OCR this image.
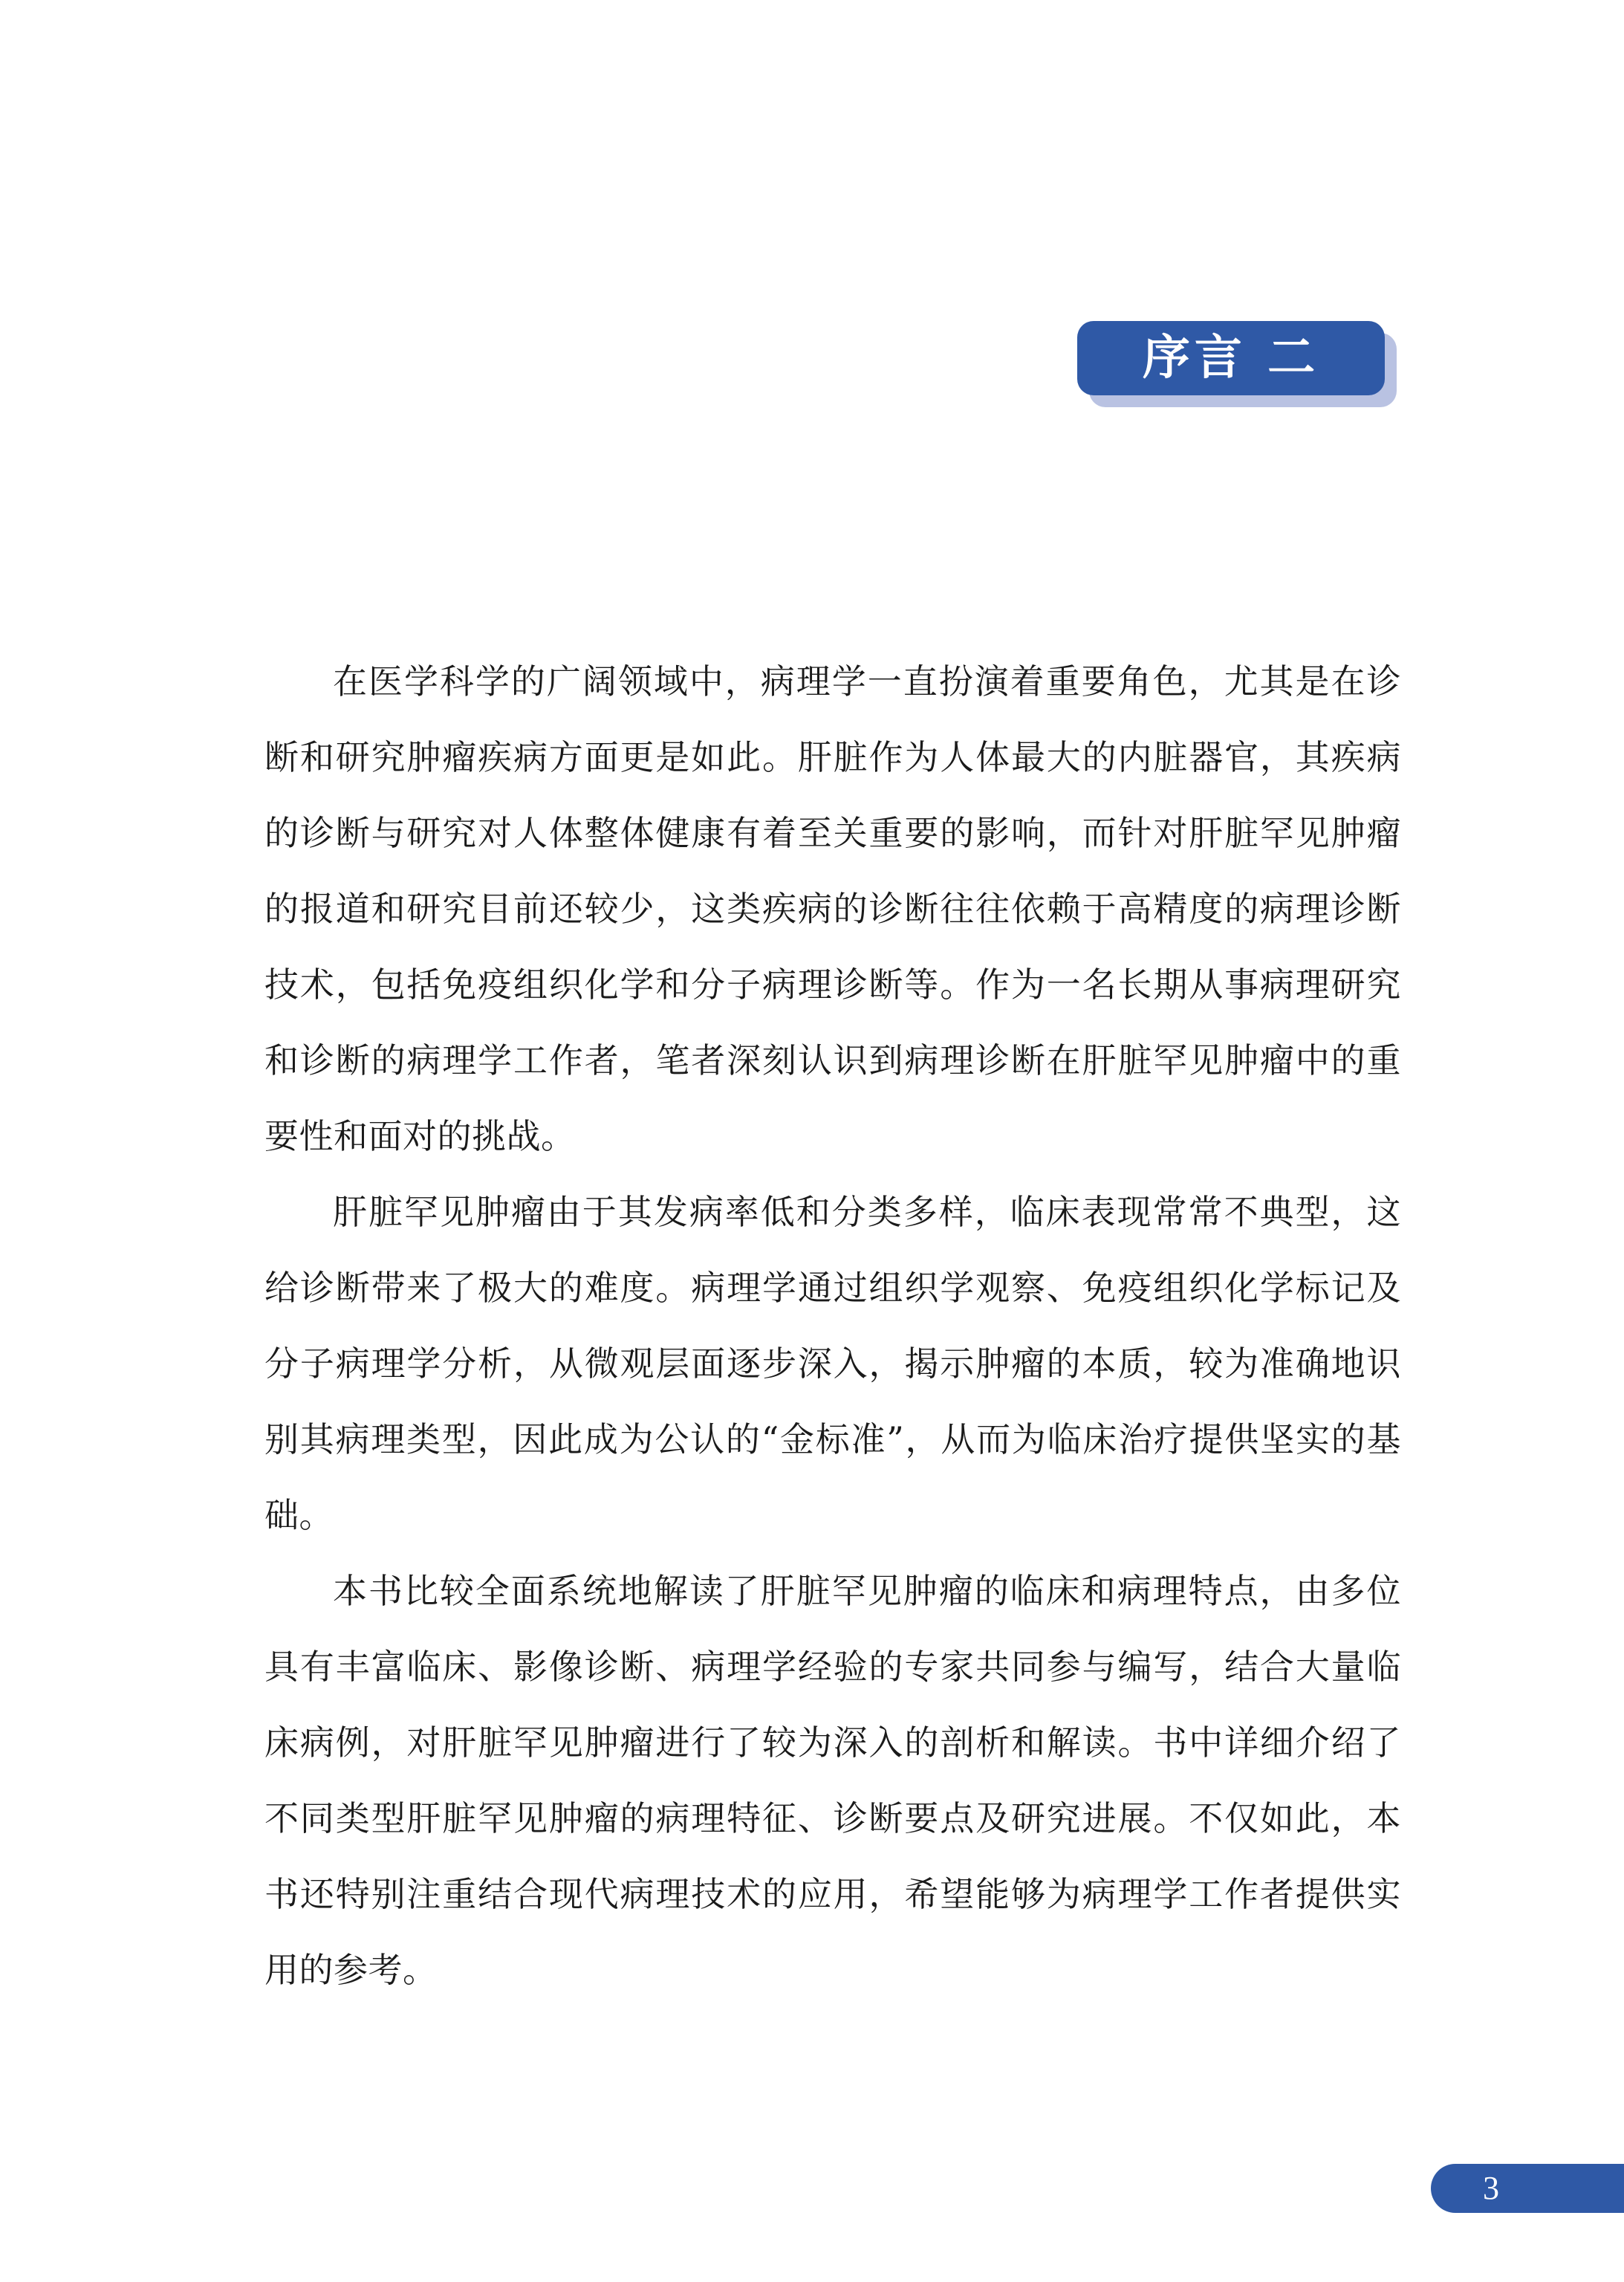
序言 二

在医学科学的广阔领域中，病理学一直扮演着重要角色，尤其是在诊断和研究肿瘤疾病方面更是如此。肝脏作为人体最大的内脏器官，其疾病的诊断与研究对人体整体健康有着至关重要的影响，而针对肝脏罕见肿瘤的报道和研究目前还较少，这类疾病的诊断往往依赖于高精度的病理诊断技术，包括免疫组织化学和分子病理诊断等。作为一名长期从事病理研究和诊断的病理学工作者，笔者深刻认识到病理诊断在肝脏罕见肿瘤中的重要性和面对的挑战。

肝脏罕见肿瘤由于其发病率低和分类多样，临床表现常常不典型，这给诊断带来了极大的难度。病理学通过组织学观察、免疫组织化学标记及分子病理学分析，从微观层面逐步深入，揭示肿瘤的本质，较为准确地识别其病理类型，因此成为公认的“金标准”，从而为临床治疗提供坚实的基础。

本书比较全面系统地解读了肝脏罕见肿瘤的临床和病理特点，由多位具有丰富临床、影像诊断、病理学经验的专家共同参与编写，结合大量临床病例，对肝脏罕见肿瘤进行了较为深入的剖析和解读。书中详细介绍了不同类型肝脏罕见肿瘤的病理特征、诊断要点及研究进展。不仅如此，本书还特别注重结合现代病理技术的应用，希望能够为病理学工作者提供实用的参考。

3
